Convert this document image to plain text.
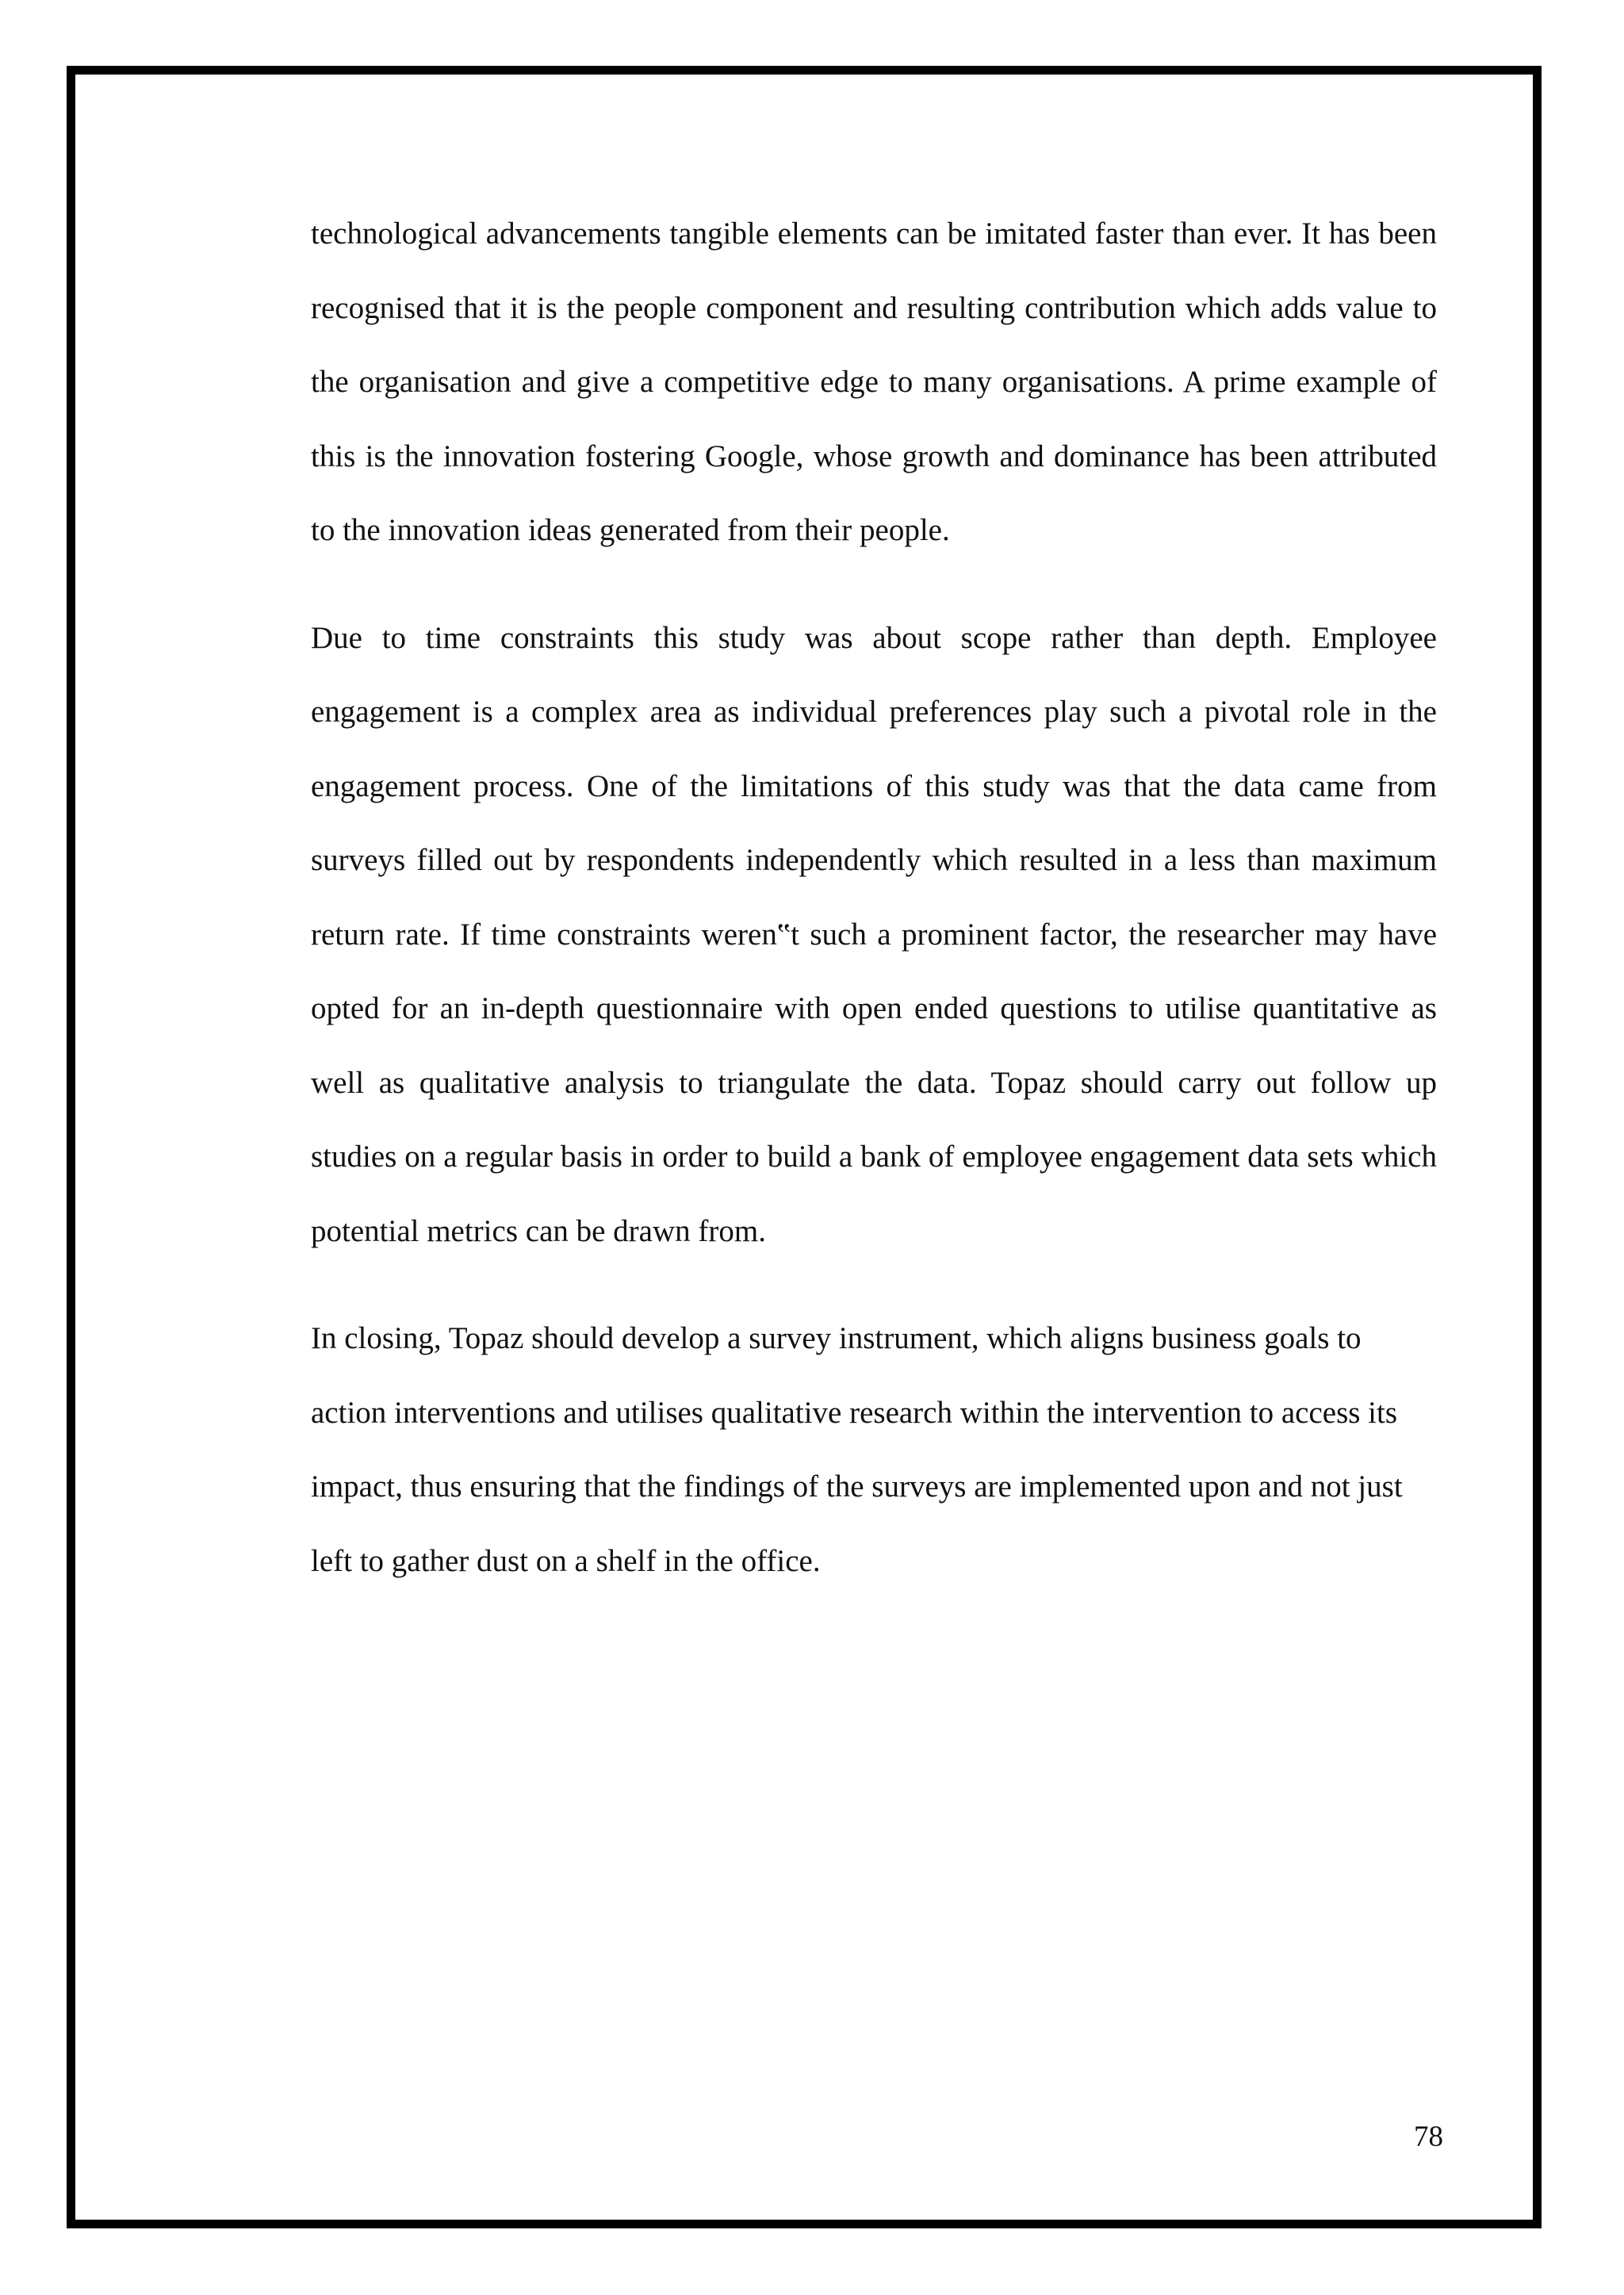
technological advancements tangible elements can be imitated faster than ever. It has been recognised that it is the people component and resulting contribution which adds value to the organisation and give a competitive edge to many organisations. A prime example of this is the innovation fostering Google, whose growth and dominance has been attributed to the innovation ideas generated from their people.

Due to time constraints this study was about scope rather than depth. Employee engagement is a complex area as individual preferences play such a pivotal role in the engagement process. One of the limitations of this study was that the data came from surveys filled out by respondents independently which resulted in a less than maximum return rate. If time constraints weren‟t such a prominent factor, the researcher may have opted for an in-depth questionnaire with open ended questions to utilise quantitative as well as qualitative analysis to triangulate the data. Topaz should carry out follow up studies on a regular basis in order to build a bank of employee engagement data sets which potential metrics can be drawn from.

In closing, Topaz should develop a survey instrument, which aligns business goals to action interventions and utilises qualitative research within the intervention to access its impact, thus ensuring that the findings of the surveys are implemented upon and not just left to gather dust on a shelf in the office.

78
